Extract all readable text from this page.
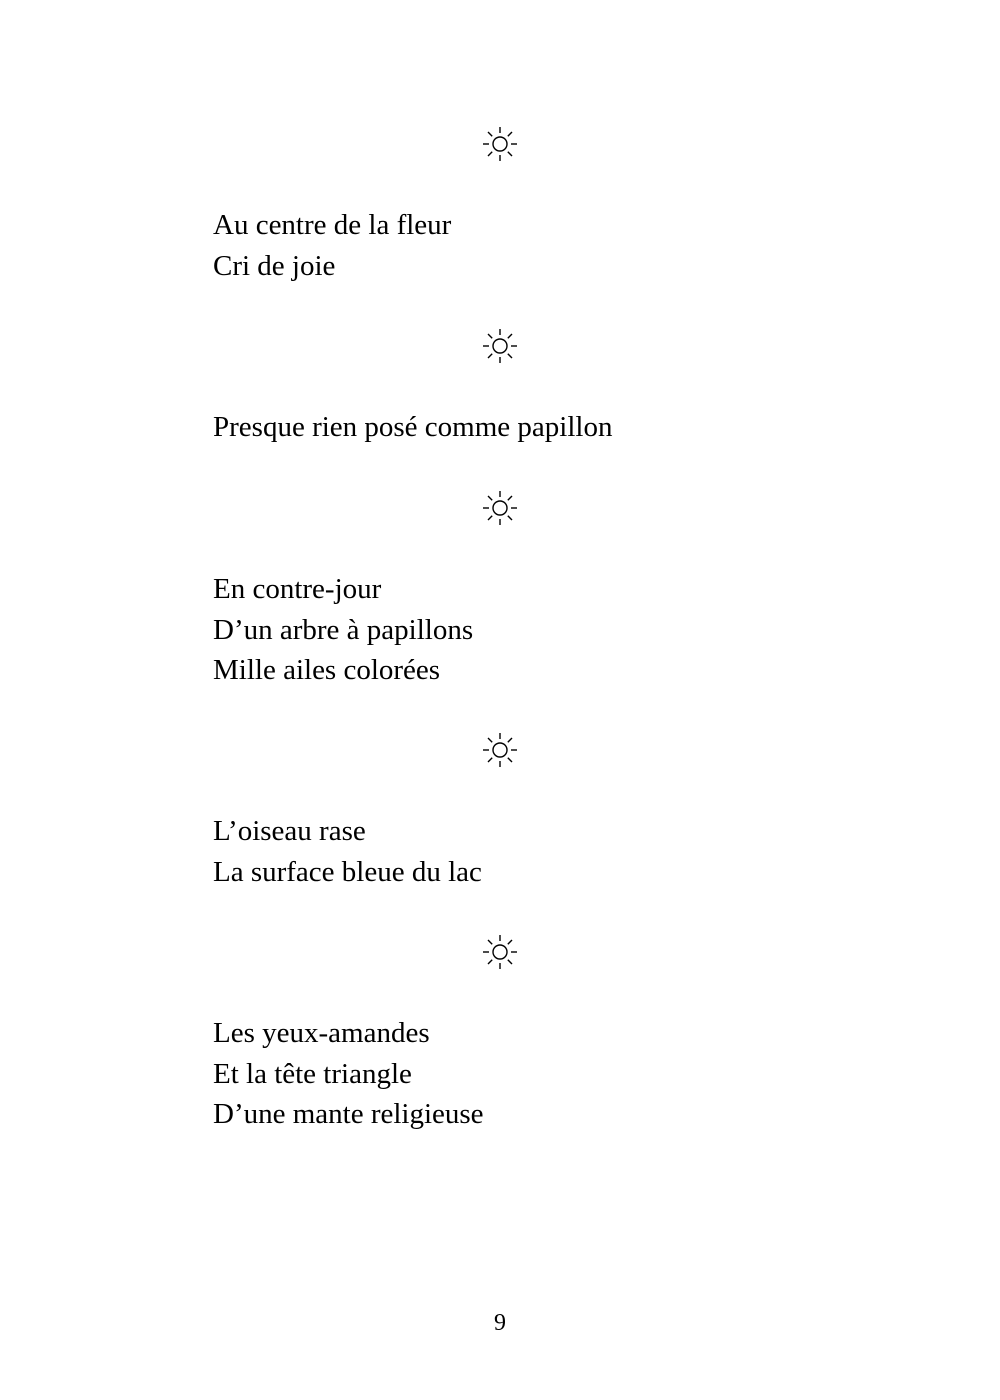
Au centre de la fleur
Cri de joie
Presque rien posé comme papillon
En contre-jour
D’un arbre à papillons
Mille ailes colorées
L’oiseau rase
La surface bleue du lac
Les yeux-amandes
Et la tête triangle
D’une mante religieuse
9
